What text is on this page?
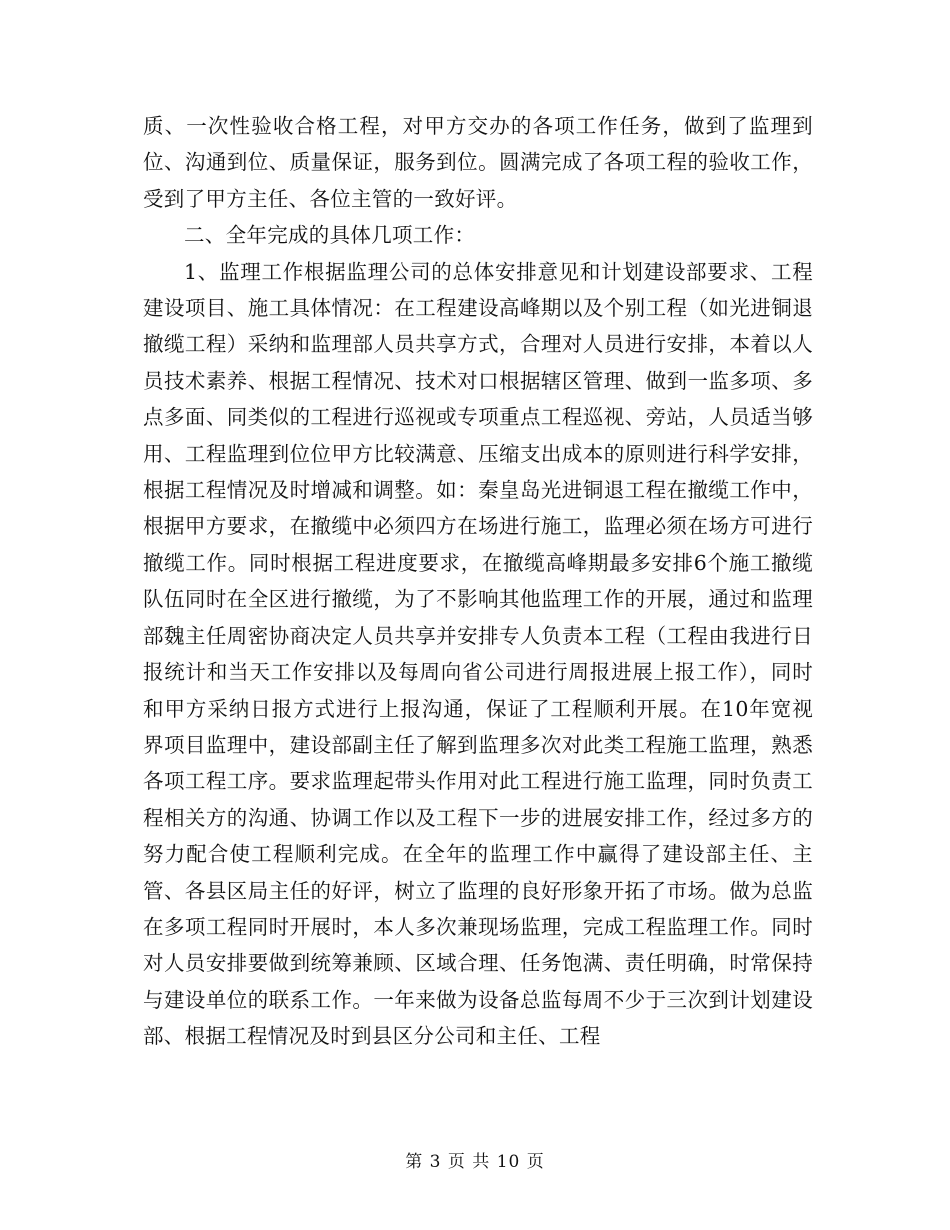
质、一次性验收合格工程，对甲方交办的各项工作任务，做到了监理到位、沟通到位、质量保证，服务到位。圆满完成了各项工程的验收工作，受到了甲方主任、各位主管的一致好评。

二、全年完成的具体几项工作：

1、监理工作根据监理公司的总体安排意见和计划建设部要求、工程建设项目、施工具体情况：在工程建设高峰期以及个别工程（如光进铜退撤缆工程）采纳和监理部人员共享方式，合理对人员进行安排，本着以人员技术素养、根据工程情况、技术对口根据辖区管理、做到一监多项、多点多面、同类似的工程进行巡视或专项重点工程巡视、旁站，人员适当够用、工程监理到位位甲方比较满意、压缩支出成本的原则进行科学安排，根据工程情况及时增减和调整。如：秦皇岛光进铜退工程在撤缆工作中，根据甲方要求，在撤缆中必须四方在场进行施工，监理必须在场方可进行撤缆工作。同时根据工程进度要求，在撤缆高峰期最多安排6个施工撤缆队伍同时在全区进行撤缆，为了不影响其他监理工作的开展，通过和监理部魏主任周密协商决定人员共享并安排专人负责本工程（工程由我进行日报统计和当天工作安排以及每周向省公司进行周报进展上报工作），同时和甲方采纳日报方式进行上报沟通，保证了工程顺利开展。在10年宽视界项目监理中，建设部副主任了解到监理多次对此类工程施工监理，熟悉各项工程工序。要求监理起带头作用对此工程进行施工监理，同时负责工程相关方的沟通、协调工作以及工程下一步的进展安排工作，经过多方的努力配合使工程顺利完成。在全年的监理工作中赢得了建设部主任、主管、各县区局主任的好评，树立了监理的良好形象开拓了市场。做为总监在多项工程同时开展时，本人多次兼现场监理，完成工程监理工作。同时对人员安排要做到统筹兼顾、区域合理、任务饱满、责任明确，时常保持与建设单位的联系工作。一年来做为设备总监每周不少于三次到计划建设部、根据工程情况及时到县区分公司和主任、工程

第 3 页 共 10 页
